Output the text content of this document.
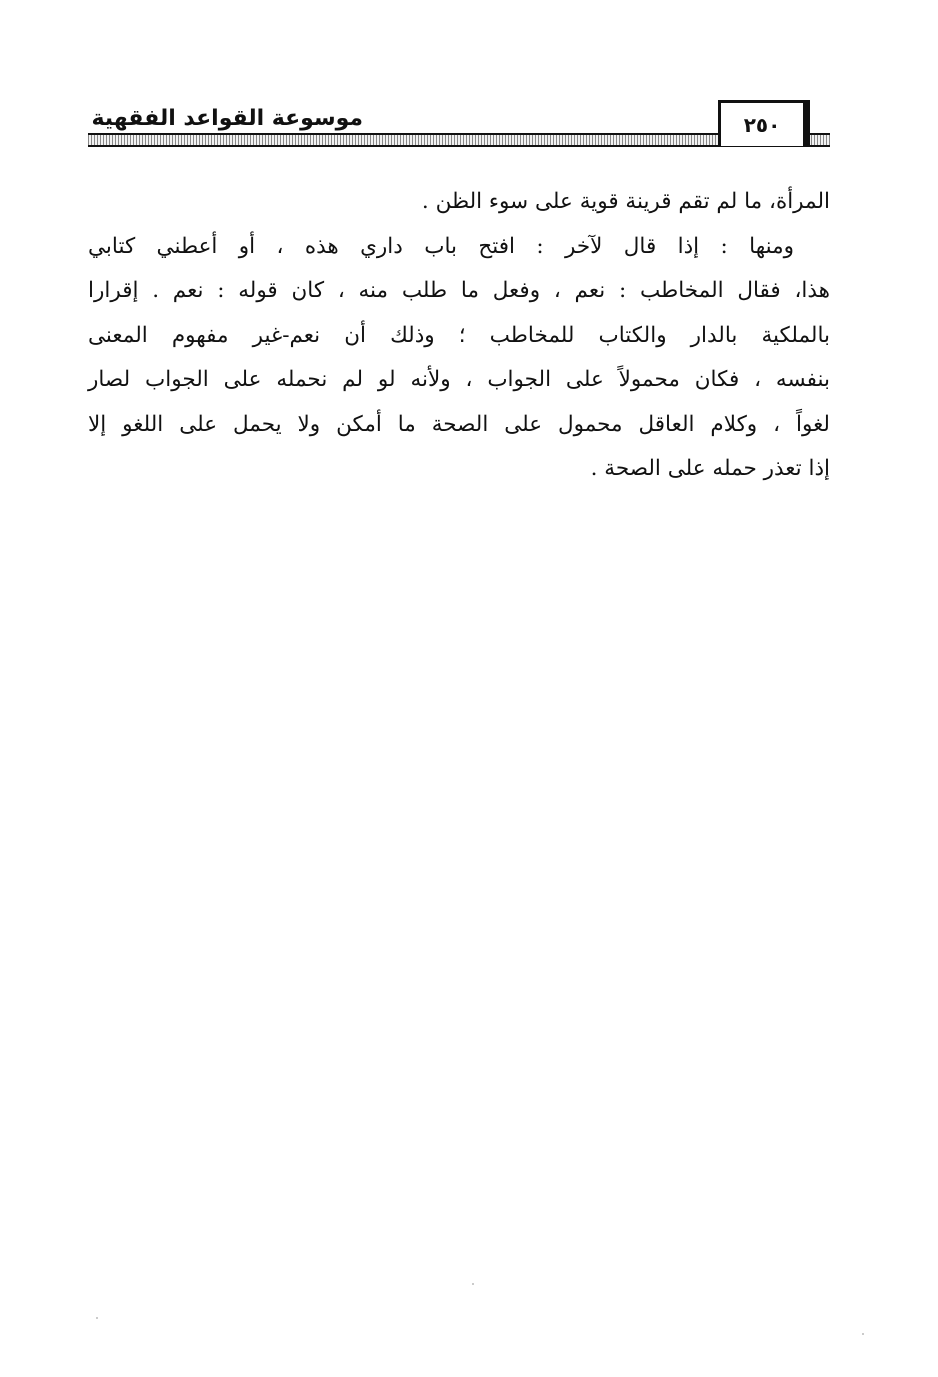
موسوعة القواعد الفقهية	٢٥٠
المرأة، ما لم تقم قرينة قوية على سوء الظن .
ومنها : إذا قال لآخر : افتح باب داري هذه ، أو أعطني كتابي
هذا، فقال المخاطب : نعم ، وفعل ما طلب منه ، كان قوله : نعم . إقرارا
بالملكية بالدار والكتاب للمخاطب ؛ وذلك أن نعم-غير مفهوم المعنى
بنفسه ، فكان محمولاً على الجواب ، ولأنه لو لم نحمله على الجواب لصار
لغواً ، وكلام العاقل محمول على الصحة ما أمكن ولا يحمل على اللغو إلا
إذا تعذر حمله على الصحة .
